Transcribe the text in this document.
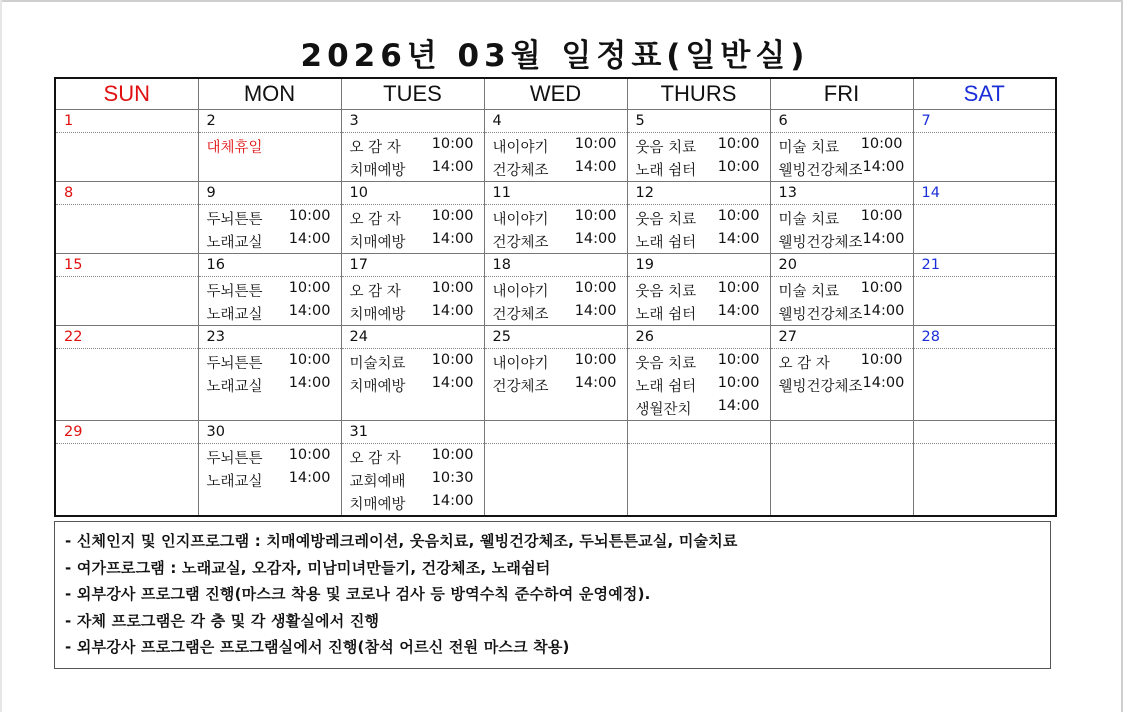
2026년 03월 일정표(일반실)
SUN	MON	TUES	WED	THURS	FRI	SAT
1	2	3	4	5	6	7
	대체휴일	오 감 자 10:00	내이야기 10:00	웃음 치료 10:00	미술 치료 10:00	

		치매예방 14:00	건강체조 14:00	노래 쉼터 10:00	웰빙건강체조 14:00	

8	9	10	11	12	13	14

	두뇌튼튼 10:00	오 감 자 10:00	내이야기 10:00	웃음 치료 10:00	미술 치료 10:00	

	노래교실 14:00	치매예방 14:00	건강체조 14:00	노래 쉼터 14:00	웰빙건강체조 14:00	

15	16	17	18	19	20	21

	두뇌튼튼 10:00	오 감 자 10:00	내이야기 10:00	웃음 치료 10:00	미술 치료 10:00	

	노래교실 14:00	치매예방 14:00	건강체조 14:00	노래 쉼터 14:00	웰빙건강체조 14:00	

22	23	24	25	26	27	28

	두뇌튼튼 10:00	미술치료 10:00	내이야기 10:00	웃음 치료 10:00	오 감 자 10:00	

	노래교실 14:00	치매예방 14:00	건강체조 14:00	노래 쉼터 10:00	웰빙건강체조 14:00	

				생월잔치 14:00		

29	30	31				

	두뇌튼튼 10:00	오 감 자 10:00				

	노래교실 14:00	교회예배 10:30				

		치매예방 14:00				

- 신체인지 및 인지프로그램 : 치매예방레크레이션, 웃음치료, 웰빙건강체조, 두뇌튼튼교실, 미술치료
- 여가프로그램 : 노래교실, 오감자, 미남미녀만들기, 건강체조, 노래쉼터
- 외부강사 프로그램 진행(마스크 착용 및 코로나 검사 등 방역수칙 준수하여 운영예정).
- 자체 프로그램은 각 층 및 각 생활실에서 진행
- 외부강사 프로그램은 프로그램실에서 진행(참석 어르신 전원 마스크 착용)
